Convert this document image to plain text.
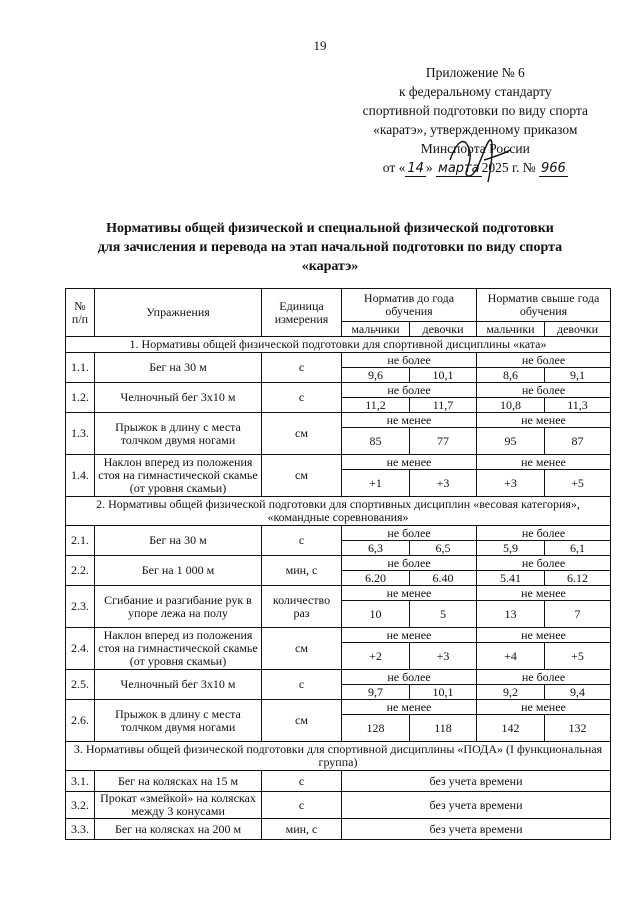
19
Приложение № 6
к федеральному стандарту
спортивной подготовки по виду спорта
«каратэ», утвержденному приказом
Минспорта России
от « 14 » марта 2025 г. № 966
Нормативы общей физической и специальной физической подготовки
для зачисления и перевода на этап начальной подготовки по виду спорта
«каратэ»
№ п/п	Упражнения	Единица измерения	Норматив до года обучения		Норматив свыше года обучения	
			мальчики	девочки	мальчики	девочки
1. Нормативы общей физической подготовки для спортивной дисциплины «ката»						
1.1.	Бег на 30 м	с	не более		не более	
			9,6	10,1	8,6	9,1
1.2.	Челночный бег 3x10 м	с	не более		не более	
			11,2	11,7	10,8	11,3
1.3.	Прыжок в длину с места толчком двумя ногами	см	не менее		не менее	
			85	77	95	87
1.4.	Наклон вперед из положения стоя на гимнастической скамье (от уровня скамьи)	см	не менее		не менее	
			+1	+3	+3	+5
2. Нормативы общей физической подготовки для спортивных дисциплин «весовая категория», «командные соревнования»						
2.1.	Бег на 30 м	с	не более		не более	
			6,3	6,5	5,9	6,1
2.2.	Бег на 1 000 м	мин, с	не более		не более	
			6.20	6.40	5.41	6.12
2.3.	Сгибание и разгибание рук в упоре лежа на полу	количество раз	не менее		не менее	
			10	5	13	7
2.4.	Наклон вперед из положения стоя на гимнастической скамье (от уровня скамьи)	см	не менее		не менее	
			+2	+3	+4	+5
2.5.	Челночный бег 3x10 м	с	не более		не более	
			9,7	10,1	9,2	9,4
2.6.	Прыжок в длину с места толчком двумя ногами	см	не менее		не менее	
			128	118	142	132
3. Нормативы общей физической подготовки для спортивной дисциплины «ПОДА» (I функциональная группа)						
3.1.	Бег на колясках на 15 м	с	без учета времени			
3.2.	Прокат «змейкой» на колясках между 3 конусами	с	без учета времени			
3.3.	Бег на колясках на 200 м	мин, с	без учета времени			
